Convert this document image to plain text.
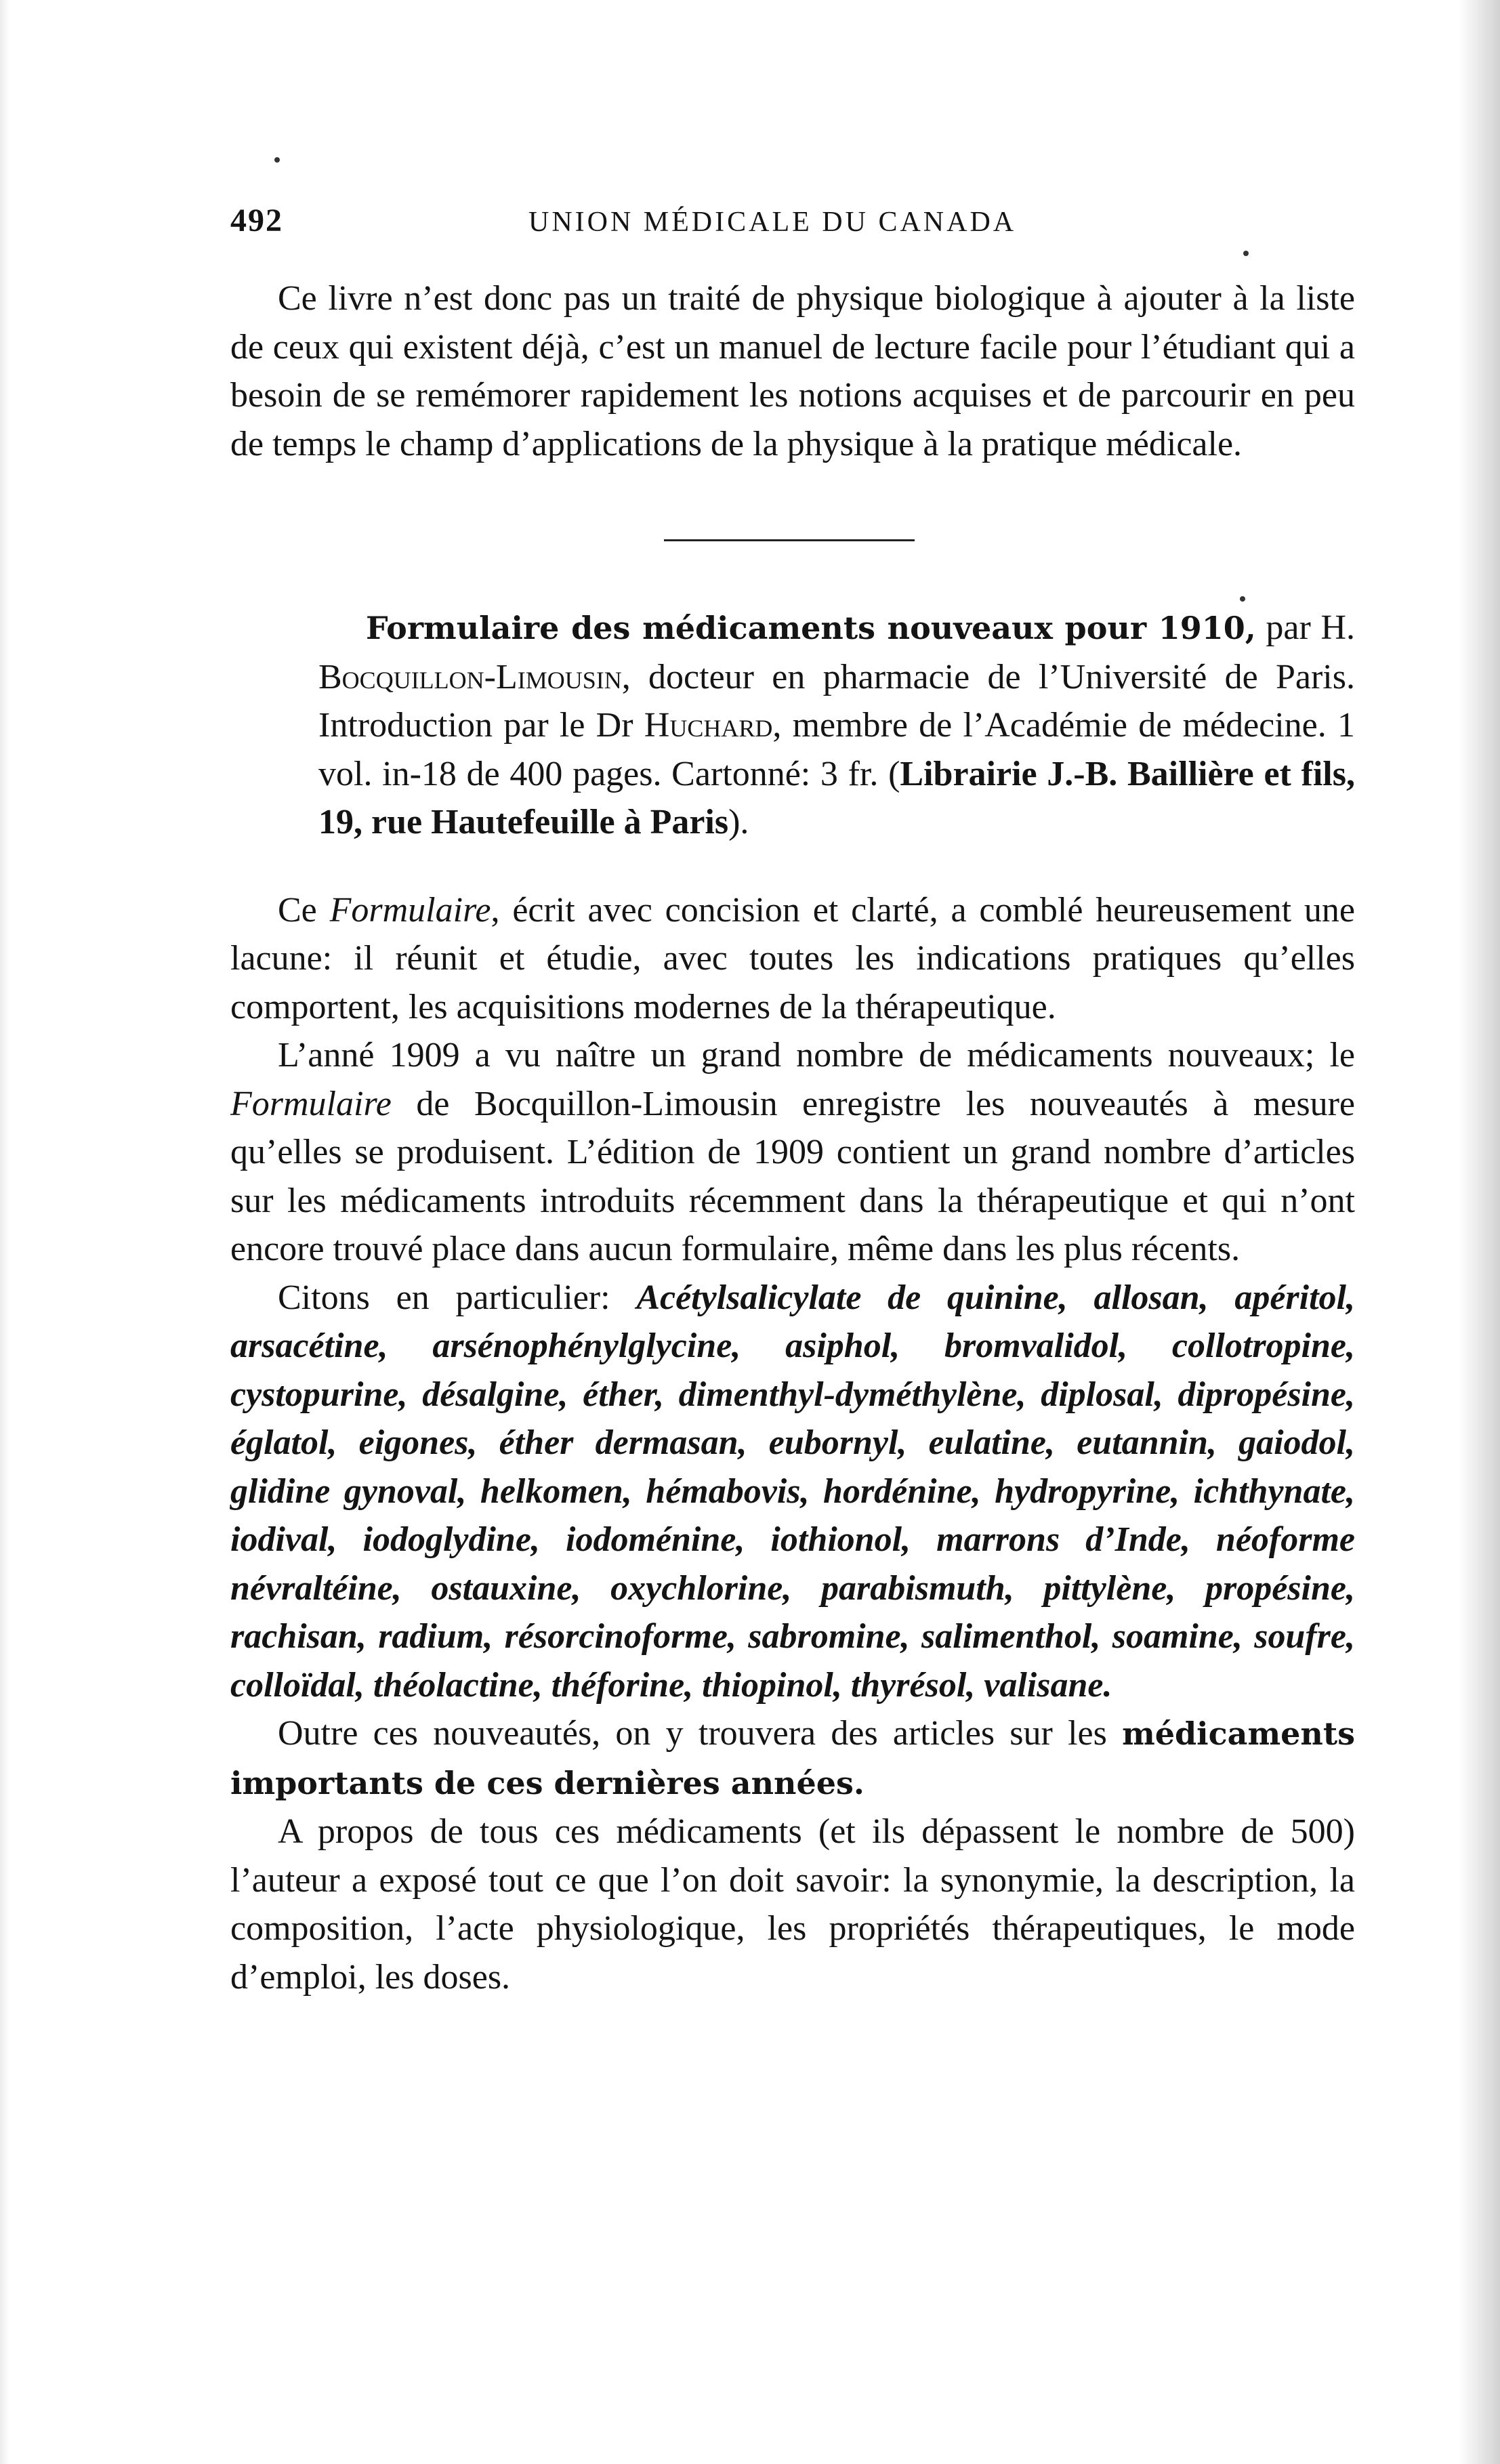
492	UNION MÉDICALE DU CANADA

Ce livre n’est donc pas un traité de physique biologique à ajouter à la liste de ceux qui existent déjà, c’est un manuel de lecture facile pour l’étudiant qui a besoin de se remémorer rapidement les notions acquises et de parcourir en peu de temps le champ d’applications de la physique à la pratique médicale.

Formulaire des médicaments nouveaux pour 1910, par H. Bocquillon-Limousin, docteur en pharmacie de l’Université de Paris. Introduction par le Dr Huchard, membre de l’Académie de médecine. 1 vol. in-18 de 400 pages. Cartonné: 3 fr. (Librairie J.-B. Baillière et fils, 19, rue Hautefeuille à Paris).

Ce Formulaire, écrit avec concision et clarté, a comblé heureusement une lacune: il réunit et étudie, avec toutes les indications pratiques qu’elles comportent, les acquisitions modernes de la thérapeutique.

L’anné 1909 a vu naître un grand nombre de médicaments nouveaux; le Formulaire de Bocquillon-Limousin enregistre les nouveautés à mesure qu’elles se produisent. L’édition de 1909 contient un grand nombre d’articles sur les médicaments introduits récemment dans la thérapeutique et qui n’ont encore trouvé place dans aucun formulaire, même dans les plus récents.

Citons en particulier: Acétylsalicylate de quinine, allosan, apéritol, arsacétine, arsénophénylglycine, asiphol, bromvalidol, collotropine, cystopurine, désalgine, éther, dimenthyl-dyméthylène, diplosal, dipropésine, églatol, eigones, éther dermasan, eubornyl, eulatine, eutannin, gaiodol, glidine gynoval, helkomen, hémabovis, hordénine, hydropyrine, ichthynate, iodival, iodoglydine, iodoménine, iothionol, marrons d’Inde, néoforme névraltéine, ostauxine, oxychlorine, parabismuth, pittylène, propésine, rachisan, radium, résorcinoforme, sabromine, salimenthol, soamine, soufre, colloïdal, théolactine, théforine, thiopinol, thyrésol, valisane.

Outre ces nouveautés, on y trouvera des articles sur les médicaments importants de ces dernières années.

A propos de tous ces médicaments (et ils dépassent le nombre de 500) l’auteur a exposé tout ce que l’on doit savoir: la synonymie, la description, la composition, l’acte physiologique, les propriétés thérapeutiques, le mode d’emploi, les doses.
